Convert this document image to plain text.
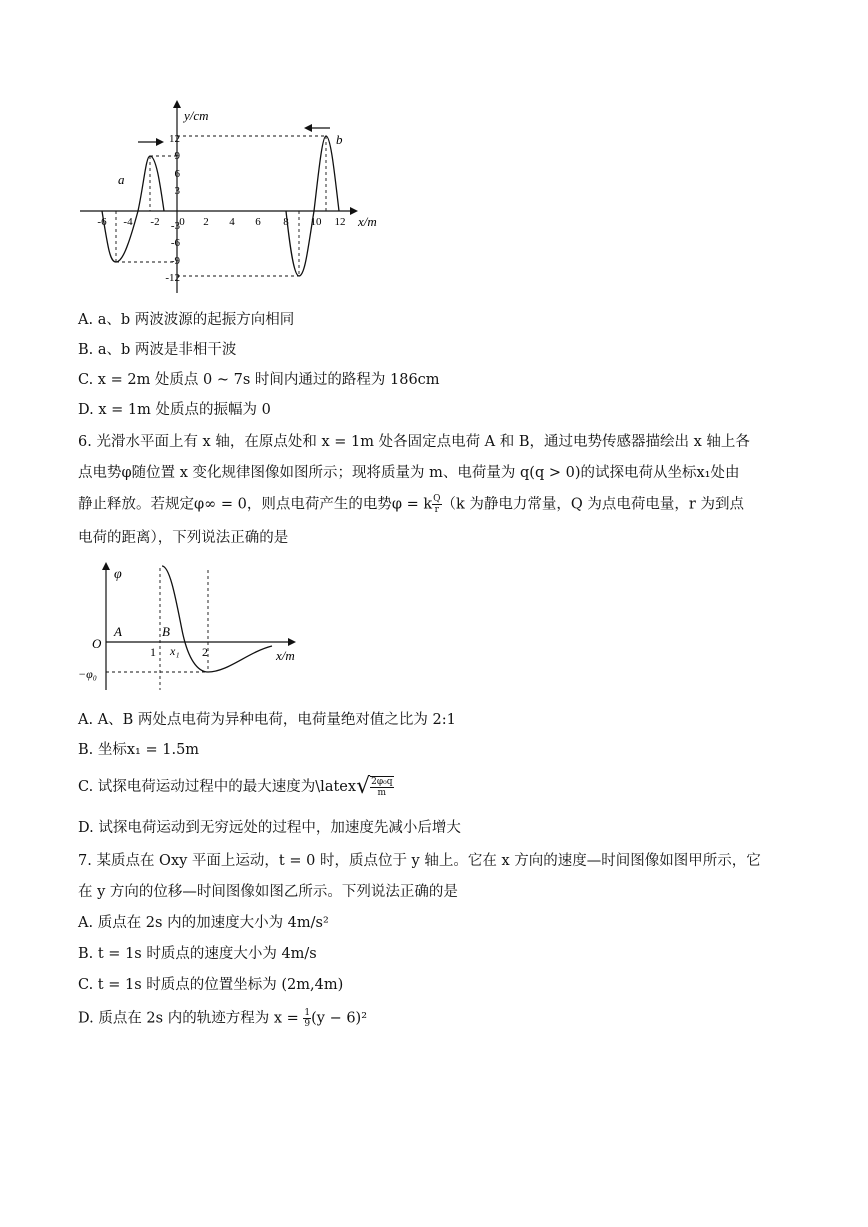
y/cm
x/m
12
9
6
3
-3
-6
-9
-12
-6 -4 -2 0 2 4 6 8 10 12
a
b
A. a、b 两波波源的起振方向相同
B. a、b 两波是非相干波
C. x = 2m 处质点 0 ~ 7s 时间内通过的路程为 186cm
D. x = 1m 处质点的振幅为 0
6. 光滑水平面上有 x 轴，在原点处和 x = 1m 处各固定点电荷 A 和 B，通过电势传感器描绘出 x 轴上各
点电势φ随位置 x 变化规律图像如图所示；现将质量为 m、电荷量为 q(q > 0)的试探电荷从坐标x₁处由
静止释放。若规定φ∞ = 0，则点电荷产生的电势φ = k $\frac{Q}{r} (k$ 为静电力常量，Q 为点电荷电量，r 为到点
电荷的距离），下列说法正确的是
φ
x/m
O
A	B
x₁
1	2
−φ₀
A. A、B 两处点电荷为异种电荷，电荷量绝对值之比为 2:1
B. 坐标x₁ = 1.5m
C. 试探电荷运动过程中的最大速度为\latex√ $\frac{\text{2φ₀q}}{m}$
D. 试探电荷运动到无穷远处的过程中，加速度先减小后增大
7. 某质点在 Oxy 平面上运动，t = 0 时，质点位于 y 轴上。它在 x 方向的速度—时间图像如图甲所示，它
在 y 方向的位移—时间图像如图乙所示。下列说法正确的是
A. 质点在 2s 内的加速度大小为 4m/s²
B. t = 1s 时质点的速度大小为 4m/s
C. t = 1s 时质点的位置坐标为 (2m,4m)
D. 质点在 2s 内的轨迹方程为 $x = \frac{1}{9} (y - 6)^2$
